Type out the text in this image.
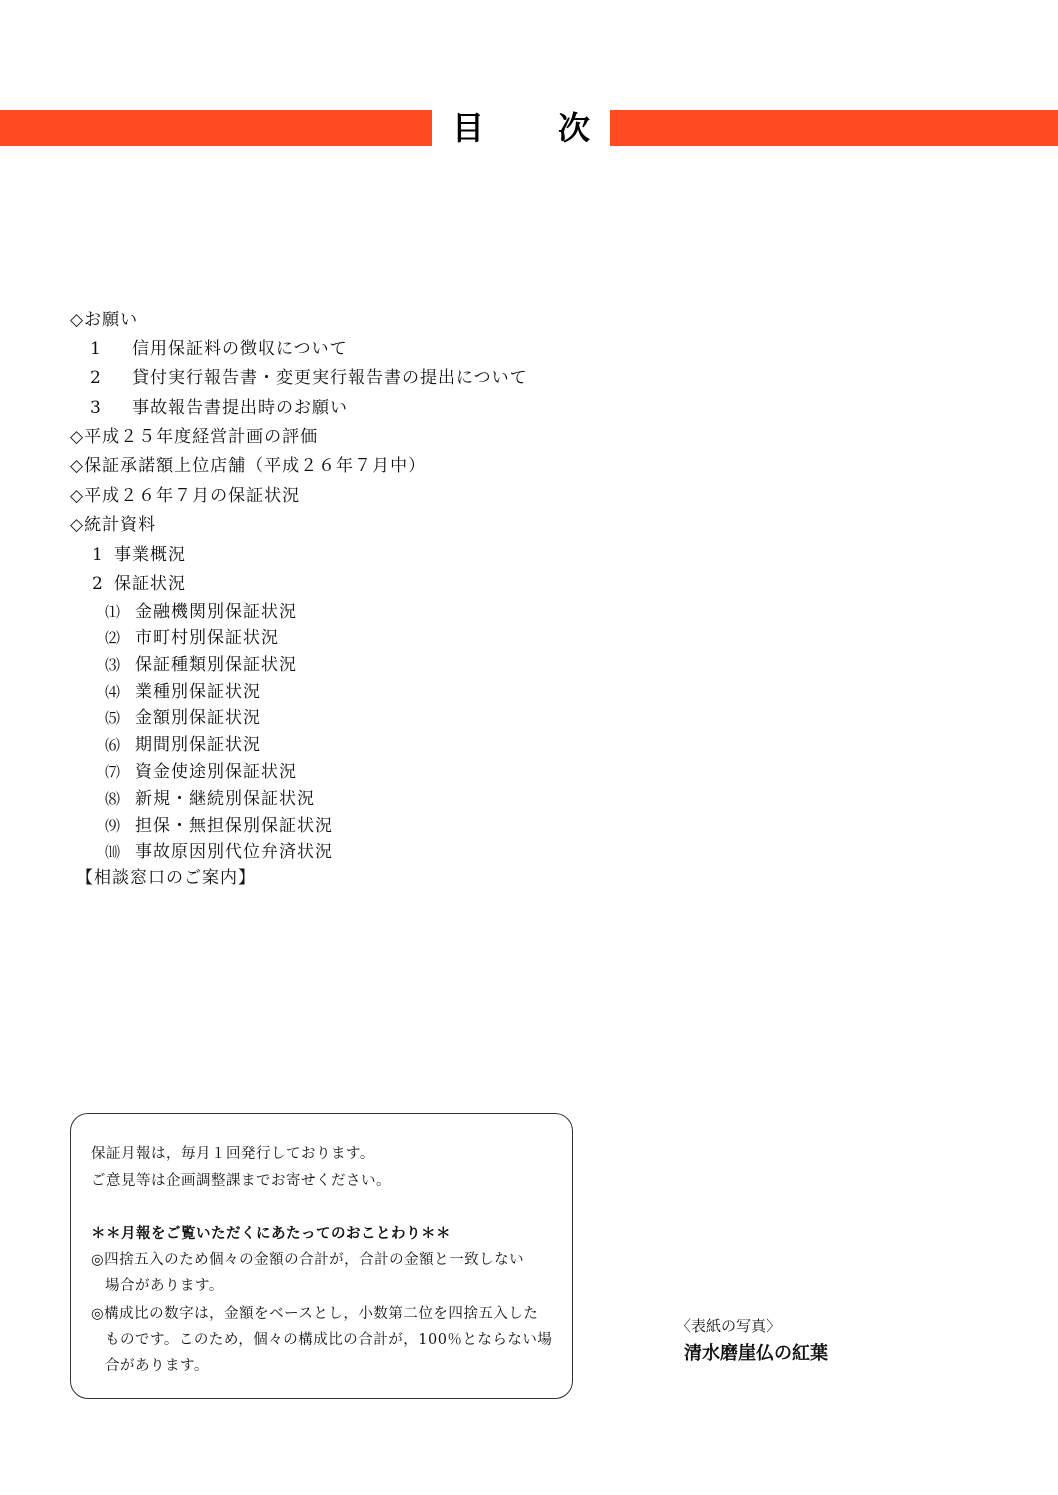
目 次
◇お願い
1 信用保証料の徴収について
2 貸付実行報告書・変更実行報告書の提出について
3 事故報告書提出時のお願い
◇平成２５年度経営計画の評価
◇保証承諾額上位店舗（平成２６年７月中）
◇平成２６年７月の保証状況
◇統計資料
1 事業概況
2 保証状況
⑴ 金融機関別保証状況
⑵ 市町村別保証状況
⑶ 保証種類別保証状況
⑷ 業種別保証状況
⑸ 金額別保証状況
⑹ 期間別保証状況
⑺ 資金使途別保証状況
⑻ 新規・継続別保証状況
⑼ 担保・無担保別保証状況
⑽ 事故原因別代位弁済状況
【相談窓口のご案内】
保証月報は，毎月１回発行しております。
ご意見等は企画調整課までお寄せください。
＊＊月報をご覧いただくにあたってのおことわり＊＊
◎四捨五入のため個々の金額の合計が，合計の金額と一致しない
場合があります。
◎構成比の数字は，金額をベースとし，小数第二位を四捨五入した
ものです。このため，個々の構成比の合計が，100％とならない場
合があります。
〈表紙の写真〉
清水磨崖仏の紅葉
